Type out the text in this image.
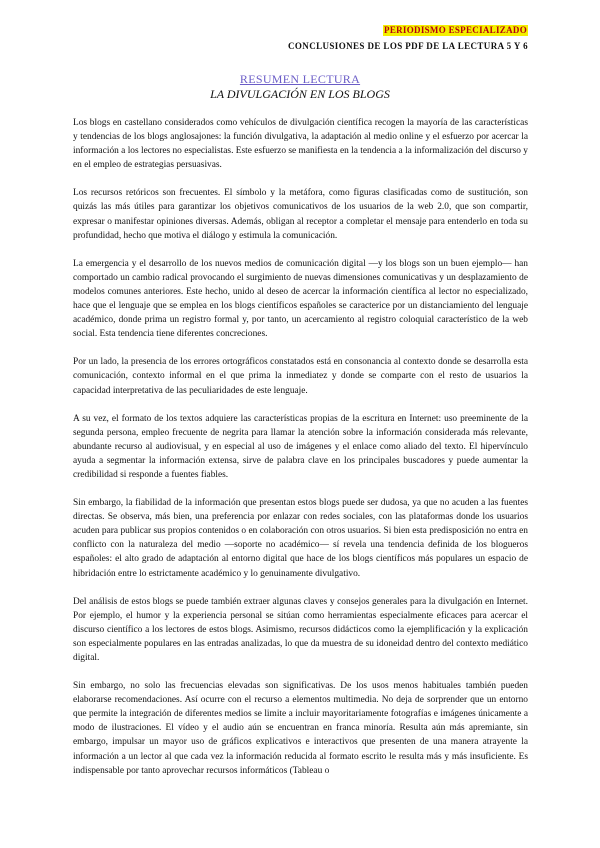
PERIODISMO ESPECIALIZADO
CONCLUSIONES DE LOS PDF DE LA LECTURA 5 Y 6
RESUMEN LECTURA
LA DIVULGACIÓN EN LOS BLOGS

Los blogs en castellano considerados como vehículos de divulgación científica recogen la mayoría de las características y tendencias de los blogs anglosajones: la función divulgativa, la adaptación al medio online y el esfuerzo por acercar la información a los lectores no especialistas. Este esfuerzo se manifiesta en la tendencia a la informalización del discurso y en el empleo de estrategias persuasivas.

Los recursos retóricos son frecuentes. El símbolo y la metáfora, como figuras clasificadas como de sustitución, son quizás las más útiles para garantizar los objetivos comunicativos de los usuarios de la web 2.0, que son compartir, expresar o manifestar opiniones diversas. Además, obligan al receptor a completar el mensaje para entenderlo en toda su profundidad, hecho que motiva el diálogo y estimula la comunicación.

La emergencia y el desarrollo de los nuevos medios de comunicación digital —y los blogs son un buen ejemplo— han comportado un cambio radical provocando el surgimiento de nuevas dimensiones comunicativas y un desplazamiento de modelos comunes anteriores. Este hecho, unido al deseo de acercar la información científica al lector no especializado, hace que el lenguaje que se emplea en los blogs científicos españoles se caracterice por un distanciamiento del lenguaje académico, donde prima un registro formal y, por tanto, un acercamiento al registro coloquial característico de la web social. Esta tendencia tiene diferentes concreciones.

Por un lado, la presencia de los errores ortográficos constatados está en consonancia al contexto donde se desarrolla esta comunicación, contexto informal en el que prima la inmediatez y donde se comparte con el resto de usuarios la capacidad interpretativa de las peculiaridades de este lenguaje.

A su vez, el formato de los textos adquiere las características propias de la escritura en Internet: uso preeminente de la segunda persona, empleo frecuente de negrita para llamar la atención sobre la información considerada más relevante, abundante recurso al audiovisual, y en especial al uso de imágenes y el enlace como aliado del texto. El hipervínculo ayuda a segmentar la información extensa, sirve de palabra clave en los principales buscadores y puede aumentar la credibilidad si responde a fuentes fiables.

Sin embargo, la fiabilidad de la información que presentan estos blogs puede ser dudosa, ya que no acuden a las fuentes directas. Se observa, más bien, una preferencia por enlazar con redes sociales, con las plataformas donde los usuarios acuden para publicar sus propios contenidos o en colaboración con otros usuarios. Si bien esta predisposición no entra en conflicto con la naturaleza del medio —soporte no académico— sí revela una tendencia definida de los blogueros españoles: el alto grado de adaptación al entorno digital que hace de los blogs científicos más populares un espacio de hibridación entre lo estrictamente académico y lo genuinamente divulgativo.

Del análisis de estos blogs se puede también extraer algunas claves y consejos generales para la divulgación en Internet. Por ejemplo, el humor y la experiencia personal se sitúan como herramientas especialmente eficaces para acercar el discurso científico a los lectores de estos blogs. Asimismo, recursos didácticos como la ejemplificación y la explicación son especialmente populares en las entradas analizadas, lo que da muestra de su idoneidad dentro del contexto mediático digital.

Sin embargo, no solo las frecuencias elevadas son significativas. De los usos menos habituales también pueden elaborarse recomendaciones. Así ocurre con el recurso a elementos multimedia. No deja de sorprender que un entorno que permite la integración de diferentes medios se limite a incluir mayoritariamente fotografías e imágenes únicamente a modo de ilustraciones. El vídeo y el audio aún se encuentran en franca minoría. Resulta aún más apremiante, sin embargo, impulsar un mayor uso de gráficos explicativos e interactivos que presenten de una manera atrayente la información a un lector al que cada vez la información reducida al formato escrito le resulta más y más insuficiente. Es indispensable por tanto aprovechar recursos informáticos (Tableau o
